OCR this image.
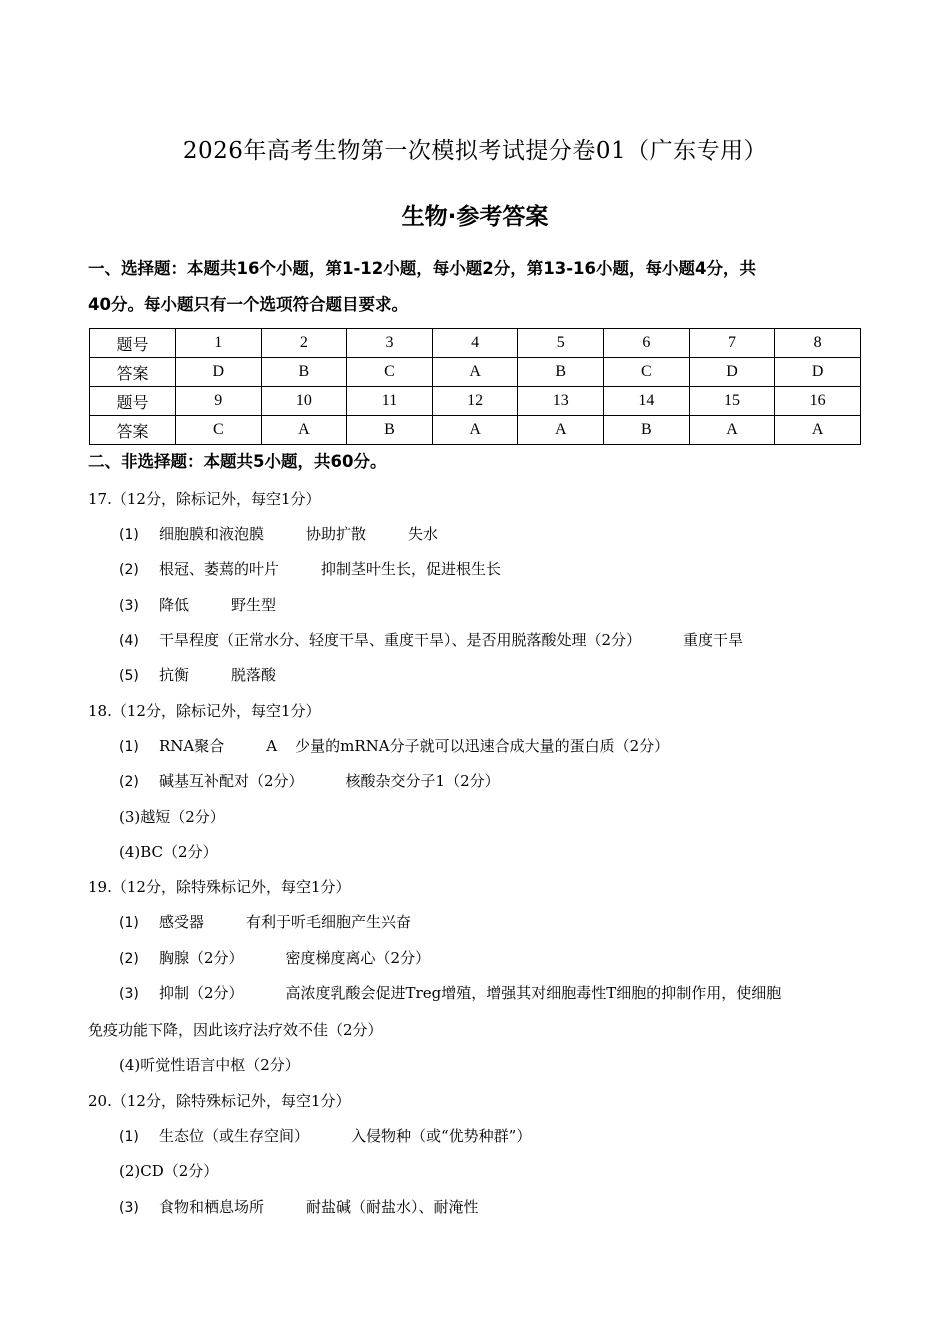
2026年高考生物第一次模拟考试提分卷01（广东专用）
生物·参考答案
一、选择题：本题共16个小题，第1-12小题，每小题2分，第13-16小题，每小题4分，共
40分。每小题只有一个选项符合题目要求。
题号	1	2	3	4	5	6	7	8
答案	D	B	C	A	B	C	D	D
题号	9	10	11	12	13	14	15	16
答案	C	A	B	A	A	B	A	A
二、非选择题：本题共5小题，共60分。
17.（12分，除标记外，每空1分）
(1) 细胞膜和液泡膜	协助扩散	失水
(2) 根冠、萎蔫的叶片	抑制茎叶生长，促进根生长
(3) 降低	野生型
(4) 干旱程度（正常水分、轻度干旱、重度干旱）、是否用脱落酸处理（2分）	重度干旱
(5) 抗衡	脱落酸
18.（12分，除标记外，每空1分）
(1) RNA聚合	A 少量的mRNA分子就可以迅速合成大量的蛋白质（2分）
(2) 碱基互补配对（2分）	核酸杂交分子1（2分）
(3)越短（2分）
(4)BC（2分）
19.（12分，除特殊标记外，每空1分）
(1) 感受器	有利于听毛细胞产生兴奋
(2) 胸腺（2分）	密度梯度离心（2分）
(3) 抑制（2分）	高浓度乳酸会促进Treg增殖，增强其对细胞毒性T细胞的抑制作用，使细胞
免疫功能下降，因此该疗法疗效不佳（2分）
(4)听觉性语言中枢（2分）
20.（12分，除特殊标记外，每空1分）
(1) 生态位（或生存空间）	入侵物种（或“优势种群”）
(2)CD（2分）
(3) 食物和栖息场所	耐盐碱（耐盐水）、耐淹性
